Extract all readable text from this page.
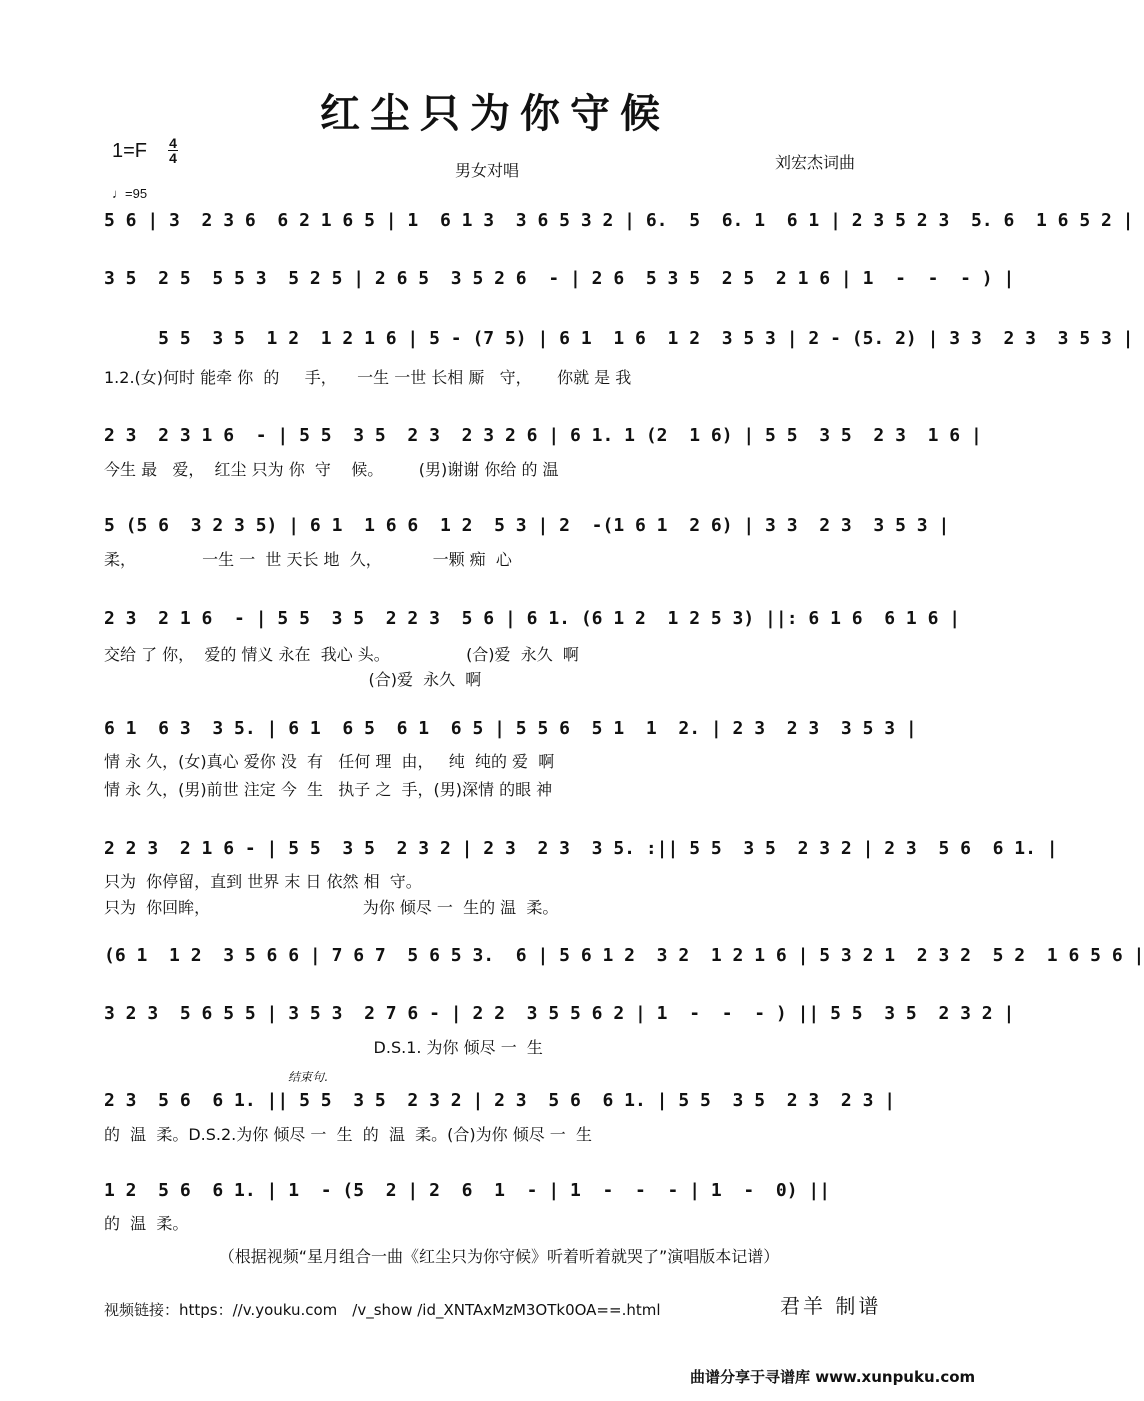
红尘只为你守候
1=F 4
4
男女对唱	刘宏杰词曲
♩=95
5 6 | 3  2 3 6  6 2 1 6 5 | 1  6 1 3  3 6 5 3 2 | 6.  5  6. 1  6 1 | 2 3 5 2 3  5. 6  1 6 5 2 |
3 5  2 5  5 5 3  5 2 5 | 2 6 5  3 5 2 6  - | 2 6  5 3 5  2 5  2 1 6 | 1  -  -  - ) |
5 5  3 5  1 2  1 2 1 6 | 5 - (7 5) | 6 1  1 6  1 2  3 5 3 | 2 - (5. 2) | 3 3  2 3  3 5 3 |
1.2.(女)何时 能牵 你  的     手，    一生 一世 长相 厮   守，     你就 是 我
2 3  2 3 1 6  - | 5 5  3 5  2 3  2 3 2 6 | 6 1. 1 (2  1 6) | 5 5  3 5  2 3  1 6 |
今生 最   爱，  红尘 只为 你  守    候。       (男)谢谢 你给 的 温
5 (5 6  3 2 3 5) | 6 1  1 6 6  1 2  5 3 | 2  -(1 6 1  2 6) | 3 3  2 3  3 5 3 |
柔，             一生 一  世 天长 地  久，          一颗 痴  心
2 3  2 1 6  - | 5 5  3 5  2 2 3  5 6 | 6 1. (6 1 2  1 2 5 3) ||: 6 1 6  6 1 6 |
交给 了 你，  爱的 情义 永在  我心 头。               (合)爱  永久  啊
(合)爱  永久  啊
6 1  6 3  3 5. | 6 1  6 5  6 1  6 5 | 5 5 6  5 1  1  2. | 2 3  2 3  3 5 3 |
情 永 久，(女)真心 爱你 没  有   任何 理  由，   纯  纯的 爱  啊
情 永 久，(男)前世 注定 今  生   执子 之  手，(男)深情 的眼 神
2 2 3  2 1 6 - | 5 5  3 5  2 3 2 | 2 3  2 3  3 5. :|| 5 5  3 5  2 3 2 | 2 3  5 6  6 1. |
只为  你停留，直到 世界 末 日 依然 相  守。
只为  你回眸，                              为你 倾尽 一  生的 温  柔。
(6 1  1 2  3 5 6 6 | 7 6 7  5 6 5 3.  6 | 5 6 1 2  3 2  1 2 1 6 | 5 3 2 1  2 3 2  5 2  1 6 5 6 |
3 2 3  5 6 5 5 | 3 5 3  2 7 6 - | 2 2  3 5 5 6 2 | 1  -  -  - ) || 5 5  3 5  2 3 2 |
D.S.1. 为你 倾尽 一  生
结束句.
2 3  5 6  6 1. || 5 5  3 5  2 3 2 | 2 3  5 6  6 1. | 5 5  3 5  2 3  2 3 |
的  温  柔。D.S.2.为你 倾尽 一  生  的  温  柔。(合)为你 倾尽 一  生
1 2  5 6  6 1. | 1  - (5  2 | 2  6  1  - | 1  -  -  - | 1  -  0) ||
的  温  柔。
（根据视频“星月组合一曲《红尘只为你守候》听着听着就哭了”演唱版本记谱）
视频链接：https：//v.youku.com　/v_show /id_XNTAxMzM3OTk0OA==.html	君羊 制谱
曲谱分享于寻谱库 www.xunpuku.com
